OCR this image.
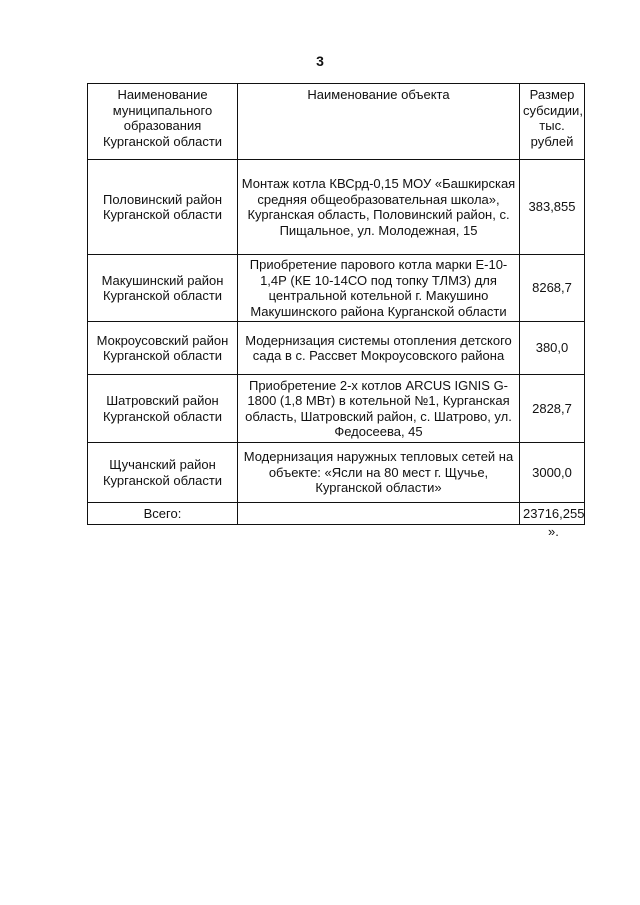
3
Наименование муниципального образования Курганской области	Наименование объекта	Размер субсидии, тыс. рублей
Половинский район Курганской области	Монтаж котла КВСрд-0,15 МОУ «Башкирская средняя общеобразовательная школа», Курганская область, Половинский район, с. Пищальное, ул. Молодежная, 15	383,855
Макушинский район Курганской области	Приобретение парового котла марки Е-10-1,4Р (КЕ 10-14СО под топку ТЛМЗ) для центральной котельной г. Макушино Макушинского района Курганской области	8268,7
Мокроусовский район Курганской области	Модернизация системы отопления детского сада в с. Рассвет Мокроусовского района	380,0
Шатровский район Курганской области	Приобретение 2-х котлов ARCUS IGNIS G-1800 (1,8 МВт) в котельной №1, Курганская область, Шатровский район, с. Шатрово, ул. Федосеева, 45	2828,7
Щучанский район Курганской области	Модернизация наружных тепловых сетей на объекте: «Ясли на 80 мест г. Щучье, Курганской области»	3000,0
Всего:		23716,255
».
